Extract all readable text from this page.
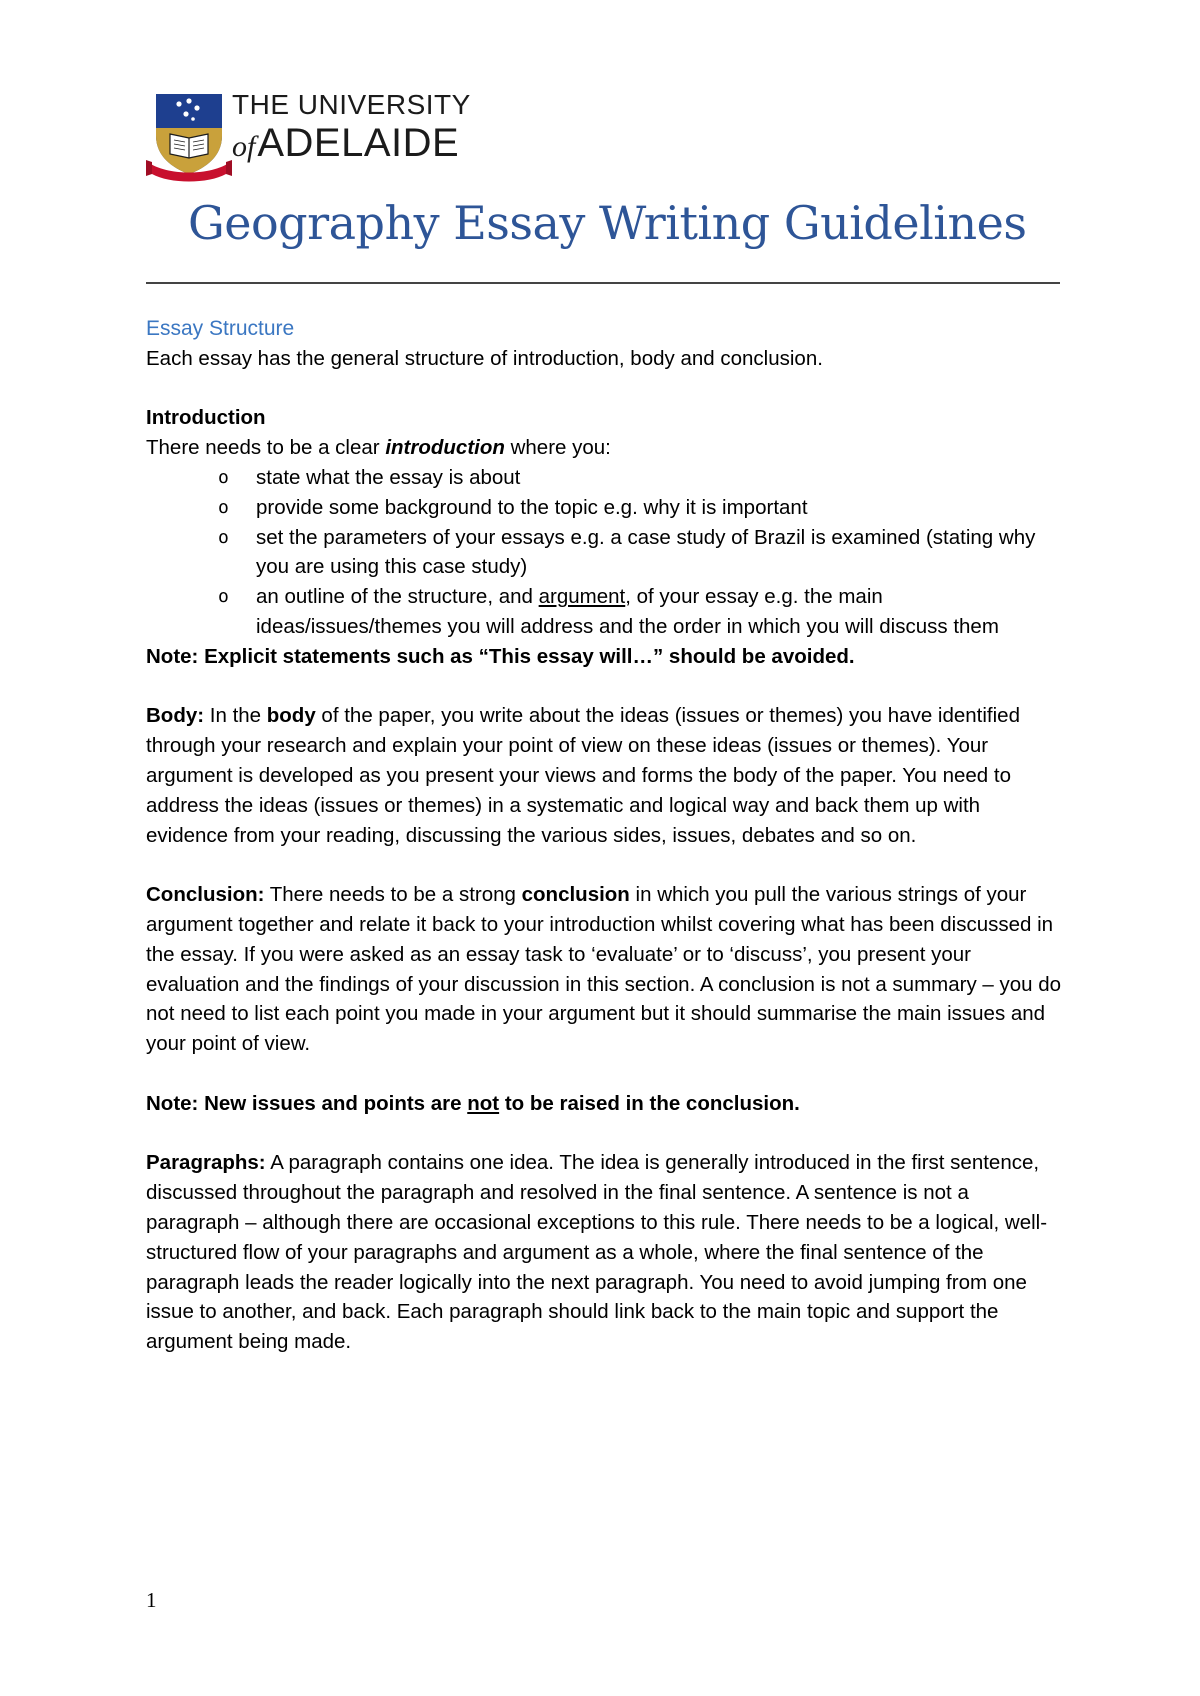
THE UNIVERSITY
of ADELAIDE
Geography Essay Writing Guidelines

Essay Structure

Each essay has the general structure of introduction, body and conclusion.

Introduction

There needs to be a clear introduction where you:

o state what the essay is about
o provide some background to the topic e.g. why it is important
o set the parameters of your essays e.g. a case study of Brazil is examined (stating why you are using this case study)
o an outline of the structure, and argument, of your essay e.g. the main ideas/issues/themes you will address and the order in which you will discuss them

Note: Explicit statements such as “This essay will…” should be avoided.

Body: In the body of the paper, you write about the ideas (issues or themes) you have identified through your research and explain your point of view on these ideas (issues or themes). Your argument is developed as you present your views and forms the body of the paper. You need to address the ideas (issues or themes) in a systematic and logical way and back them up with evidence from your reading, discussing the various sides, issues, debates and so on.

Conclusion: There needs to be a strong conclusion in which you pull the various strings of your argument together and relate it back to your introduction whilst covering what has been discussed in the essay. If you were asked as an essay task to ‘evaluate’ or to ‘discuss’, you present your evaluation and the findings of your discussion in this section. A conclusion is not a summary – you do not need to list each point you made in your argument but it should summarise the main issues and your point of view.

Note: New issues and points are not to be raised in the conclusion.

Paragraphs: A paragraph contains one idea. The idea is generally introduced in the first sentence, discussed throughout the paragraph and resolved in the final sentence. A sentence is not a paragraph – although there are occasional exceptions to this rule. There needs to be a logical, well-structured flow of your paragraphs and argument as a whole, where the final sentence of the paragraph leads the reader logically into the next paragraph. You need to avoid jumping from one issue to another, and back. Each paragraph should link back to the main topic and support the argument being made.

1
